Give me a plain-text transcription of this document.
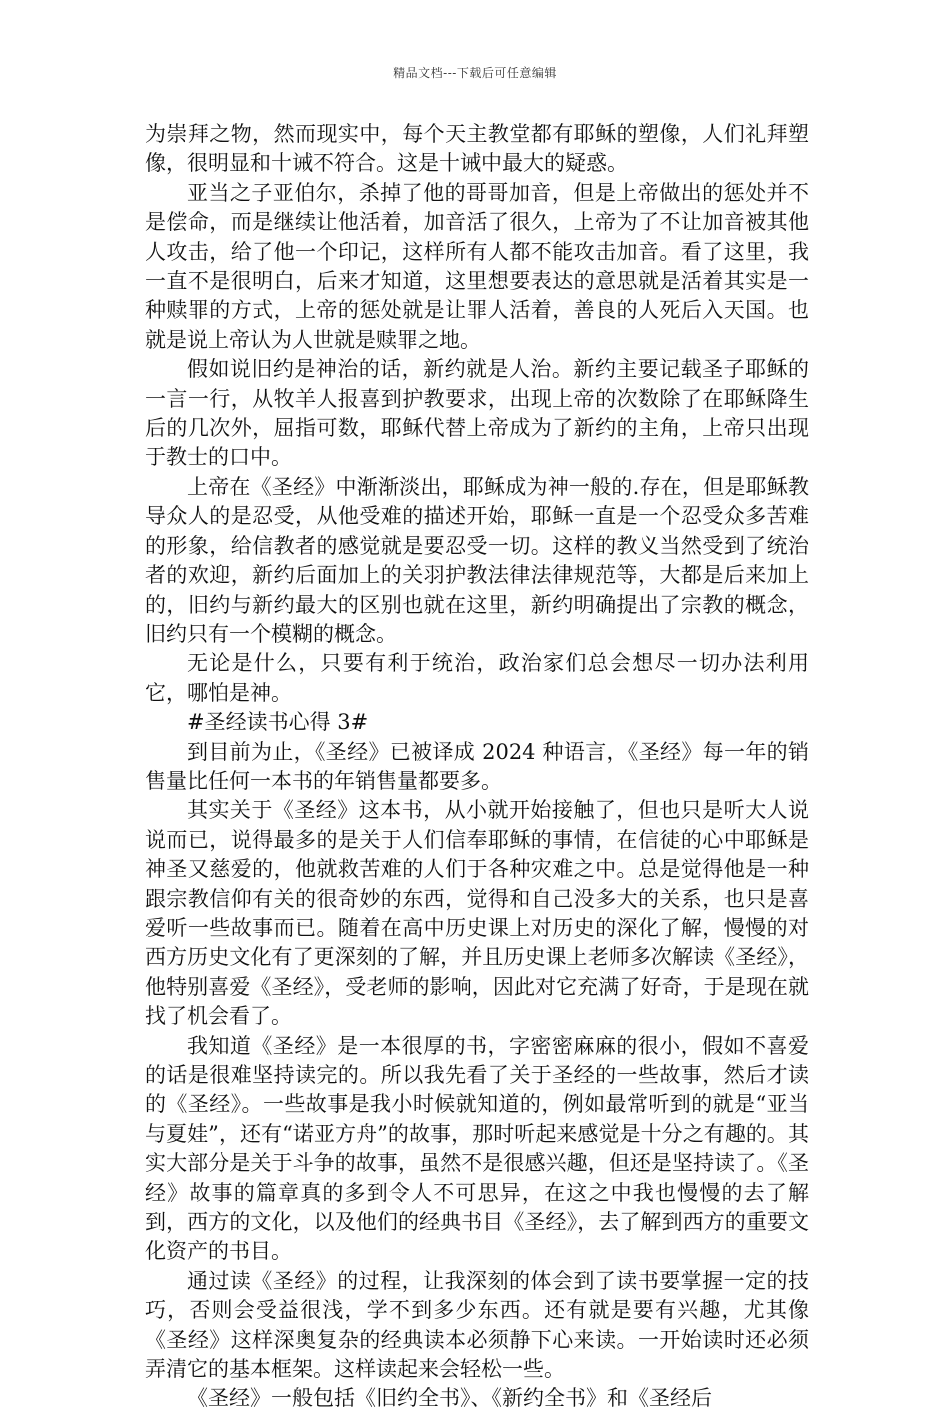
精品文档---下载后可任意编辑

为崇拜之物，然而现实中，每个天主教堂都有耶稣的塑像，人们礼拜塑像，很明显和十诫不符合。这是十诫中最大的疑惑。

亚当之子亚伯尔，杀掉了他的哥哥加音，但是上帝做出的惩处并不是偿命，而是继续让他活着，加音活了很久，上帝为了不让加音被其他人攻击，给了他一个印记，这样所有人都不能攻击加音。看了这里，我一直不是很明白，后来才知道，这里想要表达的意思就是活着其实是一种赎罪的方式，上帝的惩处就是让罪人活着，善良的人死后入天国。也就是说上帝认为人世就是赎罪之地。

假如说旧约是神治的话，新约就是人治。新约主要记载圣子耶稣的一言一行，从牧羊人报喜到护教要求，出现上帝的次数除了在耶稣降生后的几次外，屈指可数，耶稣代替上帝成为了新约的主角，上帝只出现于教士的口中。

上帝在《圣经》中渐渐淡出，耶稣成为神一般的.存在，但是耶稣教导众人的是忍受，从他受难的描述开始，耶稣一直是一个忍受众多苦难的形象，给信教者的感觉就是要忍受一切。这样的教义当然受到了统治者的欢迎，新约后面加上的关羽护教法律法律规范等，大都是后来加上的，旧约与新约最大的区别也就在这里，新约明确提出了宗教的概念，旧约只有一个模糊的概念。

无论是什么，只要有利于统治，政治家们总会想尽一切办法利用它，哪怕是神。

#圣经读书心得 3#

到目前为止，《圣经》已被译成 2024 种语言，《圣经》每一年的销售量比任何一本书的年销售量都要多。

其实关于《圣经》这本书，从小就开始接触了，但也只是听大人说说而已，说得最多的是关于人们信奉耶稣的事情，在信徒的心中耶稣是神圣又慈爱的，他就救苦难的人们于各种灾难之中。总是觉得他是一种跟宗教信仰有关的很奇妙的东西，觉得和自己没多大的关系，也只是喜爱听一些故事而已。随着在高中历史课上对历史的深化了解，慢慢的对西方历史文化有了更深刻的了解，并且历史课上老师多次解读《圣经》，他特别喜爱《圣经》，受老师的影响，因此对它充满了好奇，于是现在就找了机会看了。

我知道《圣经》是一本很厚的书，字密密麻麻的很小，假如不喜爱的话是很难坚持读完的。所以我先看了关于圣经的一些故事，然后才读的《圣经》。一些故事是我小时候就知道的，例如最常听到的就是“亚当与夏娃”，还有“诺亚方舟”的故事，那时听起来感觉是十分之有趣的。其实大部分是关于斗争的故事，虽然不是很感兴趣，但还是坚持读了。《圣经》故事的篇章真的多到令人不可思异，在这之中我也慢慢的去了解到，西方的文化，以及他们的经典书目《圣经》，去了解到西方的重要文化资产的书目。

通过读《圣经》的过程，让我深刻的体会到了读书要掌握一定的技巧，否则会受益很浅，学不到多少东西。还有就是要有兴趣，尤其像《圣经》这样深奥复杂的经典读本必须静下心来读。一开始读时还必须弄清它的基本框架。这样读起来会轻松一些。

《圣经》一般包括《旧约全书》、《新约全书》和《圣经后
